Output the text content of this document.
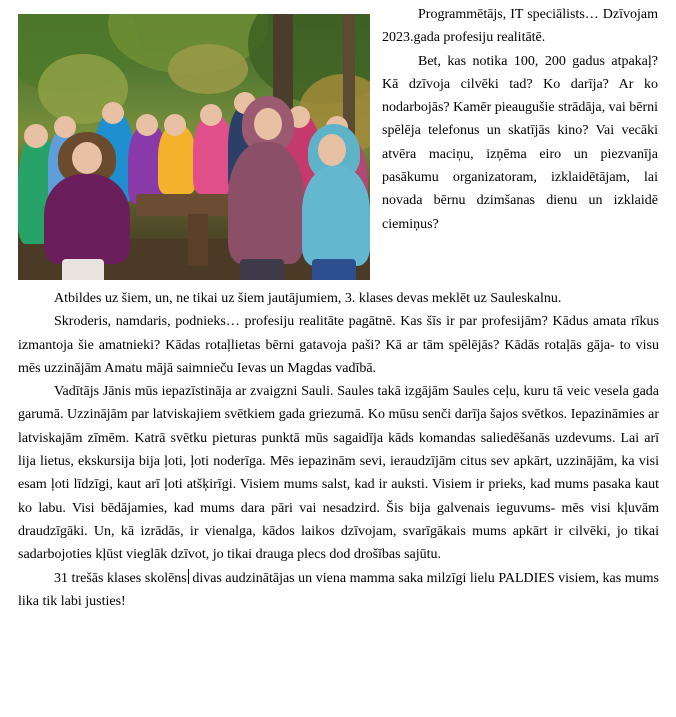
Programmētājs, IT speciālists… Dzīvojam 2023.gada profesiju realitātē.

Bet, kas notika 100, 200 gadus atpakaļ? Kā dzīvoja cilvēki tad? Ko darīja? Ar ko nodarbojās? Kamēr pieaugušie strādāja, vai bērni spēlēja telefonus un skatījās kino? Vai vecāki atvēra maciņu, izņēma eiro un piezvanīja pasākumu organizatoram, izklaidētājam, lai novada bērnu dzimšanas dienu un izklaidē ciemiņus?

Atbildes uz šiem, un, ne tikai uz šiem jautājumiem, 3. klases devas meklēt uz Sauleskalnu.

Skroderis, namdaris, podnieks… profesiju realitāte pagātnē. Kas šīs ir par profesijām? Kādus amata rīkus izmantoja šie amatnieki? Kādas rotaļlietas bērni gatavoja paši? Kā ar tām spēlējās? Kādās rotaļās gāja- to visu mēs uzzinājām Amatu mājā saimnieču Ievas un Magdas vadībā.

Vadītājs Jānis mūs iepazīstināja ar zvaigzni Sauli. Saules takā izgājām Saules ceļu, kuru tā veic vesela gada garumā. Uzzinājām par latviskajiem svētkiem gada griezumā. Ko mūsu senči darīja šajos svētkos. Iepazināmies ar latviskajām zīmēm. Katrā svētku pieturas punktā mūs sagaidīja kāds komandas saliedēšanās uzdevums. Lai arī lija lietus, ekskursija bija ļoti, ļoti noderīga. Mēs iepazinām sevi, ieraudzījām citus sev apkārt, uzzinājām, ka visi esam ļoti līdzīgi, kaut arī ļoti atšķirīgi. Visiem mums salst, kad ir auksti. Visiem ir prieks, kad mums pasaka kaut ko labu. Visi bēdājamies, kad mums dara pāri vai nesadzird. Šis bija galvenais ieguvums- mēs visi kļuvām draudzīgāki. Un, kā izrādās, ir vienalga, kādos laikos dzīvojam, svarīgākais mums apkārt ir cilvēki, jo tikai sadarbojoties kļūst vieglāk dzīvot, jo tikai drauga plecs dod drošības sajūtu.

31 trešās klases skolēns divas audzinātājas un viena mamma saka milzīgi lielu PALDIES visiem, kas mums lika tik labi justies!
